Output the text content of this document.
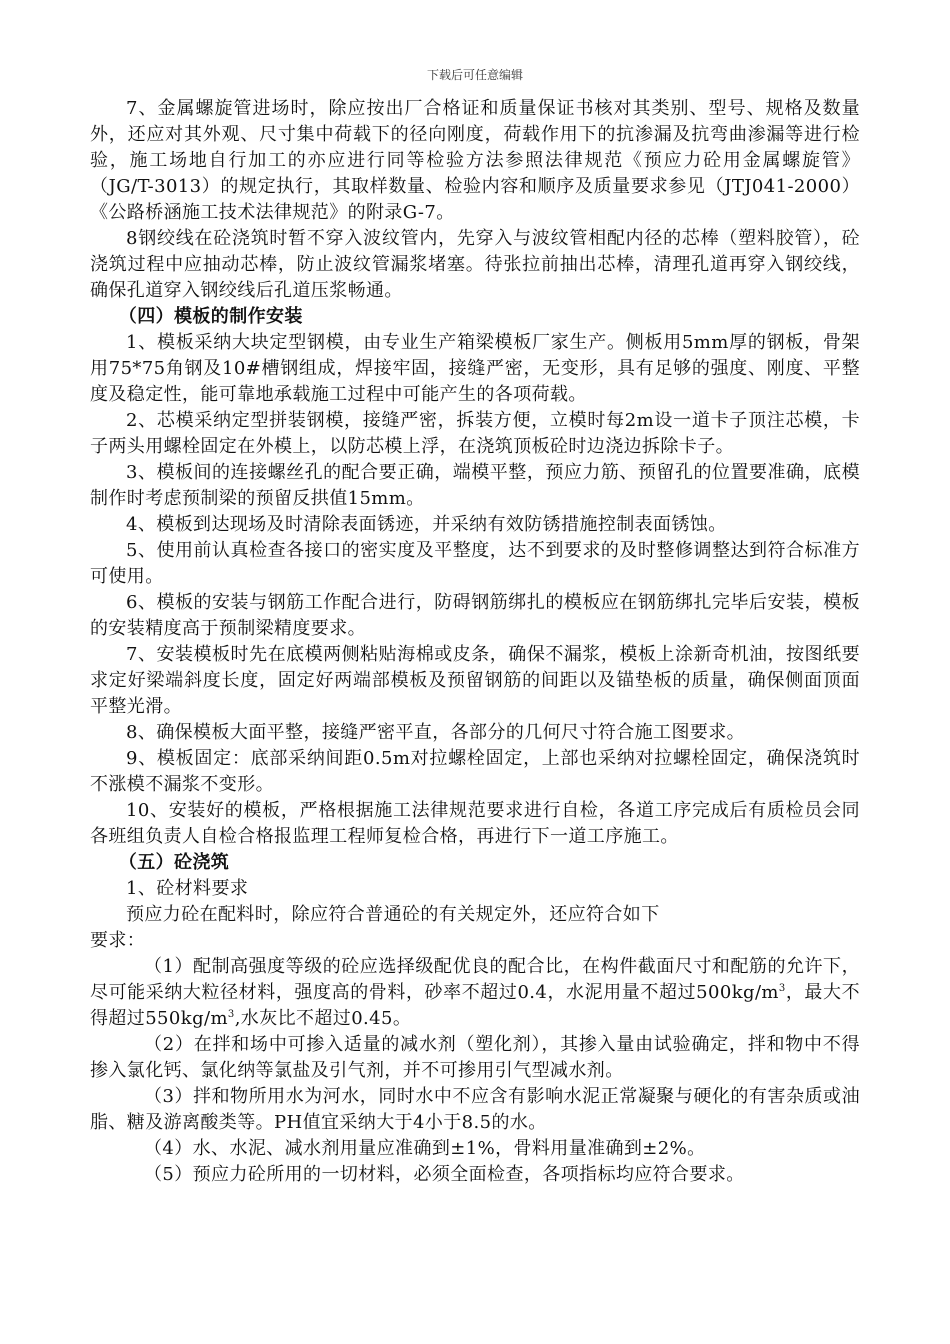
下载后可任意编辑

7、金属螺旋管进场时，除应按出厂合格证和质量保证书核对其类别、型号、规格及数量外，还应对其外观、尺寸集中荷载下的径向刚度，荷载作用下的抗渗漏及抗弯曲渗漏等进行检验，施工场地自行加工的亦应进行同等检验方法参照法律规范《预应力砼用金属螺旋管》（JG/T-3013）的规定执行，其取样数量、检验内容和顺序及质量要求参见（JTJ041-2000）《公路桥涵施工技术法律规范》的附录G-7。

8钢绞线在砼浇筑时暂不穿入波纹管内，先穿入与波纹管相配内径的芯棒（塑料胶管），砼浇筑过程中应抽动芯棒，防止波纹管漏浆堵塞。待张拉前抽出芯棒，清理孔道再穿入钢绞线，确保孔道穿入钢绞线后孔道压浆畅通。

（四）模板的制作安装

1、模板采纳大块定型钢模，由专业生产箱梁模板厂家生产。侧板用5mm厚的钢板，骨架用75*75角钢及10#槽钢组成，焊接牢固，接缝严密，无变形，具有足够的强度、刚度、平整度及稳定性，能可靠地承载施工过程中可能产生的各项荷载。

2、芯模采纳定型拼装钢模，接缝严密，拆装方便，立模时每2m设一道卡子顶注芯模，卡子两头用螺栓固定在外模上，以防芯模上浮，在浇筑顶板砼时边浇边拆除卡子。

3、模板间的连接螺丝孔的配合要正确，端模平整，预应力筋、预留孔的位置要准确，底模制作时考虑预制梁的预留反拱值15mm。

4、模板到达现场及时清除表面锈迹，并采纳有效防锈措施控制表面锈蚀。

5、使用前认真检查各接口的密实度及平整度，达不到要求的及时整修调整达到符合标准方可使用。

6、模板的安装与钢筋工作配合进行，防碍钢筋绑扎的模板应在钢筋绑扎完毕后安装，模板的安装精度高于预制梁精度要求。

7、安装模板时先在底模两侧粘贴海棉或皮条，确保不漏浆，模板上涂新奇机油，按图纸要求定好梁端斜度长度，固定好两端部模板及预留钢筋的间距以及锚垫板的质量，确保侧面顶面平整光滑。

8、确保模板大面平整，接缝严密平直，各部分的几何尺寸符合施工图要求。

9、模板固定：底部采纳间距0.5m对拉螺栓固定，上部也采纳对拉螺栓固定，确保浇筑时不涨模不漏浆不变形。

10、安装好的模板，严格根据施工法律规范要求进行自检，各道工序完成后有质检员会同各班组负责人自检合格报监理工程师复检合格，再进行下一道工序施工。

（五）砼浇筑

1、砼材料要求

预应力砼在配料时，除应符合普通砼的有关规定外，还应符合如下

要求：

（1）配制高强度等级的砼应选择级配优良的配合比，在构件截面尺寸和配筋的允许下，尽可能采纳大粒径材料，强度高的骨料，砂率不超过0.4，水泥用量不超过$500kg/m^3$，最大不得超过$550kg/m^3$,水灰比不超过0.45。

（2）在拌和场中可掺入适量的减水剂（塑化剂），其掺入量由试验确定，拌和物中不得掺入氯化钙、氯化纳等氯盐及引气剂，并不可掺用引气型减水剂。

（3）拌和物所用水为河水，同时水中不应含有影响水泥正常凝聚与硬化的有害杂质或油脂、糖及游离酸类等。PH值宜采纳大于4小于8.5的水。

（4）水、水泥、减水剂用量应准确到±1%，骨料用量准确到±2%。

（5）预应力砼所用的一切材料，必须全面检查，各项指标均应符合要求。
